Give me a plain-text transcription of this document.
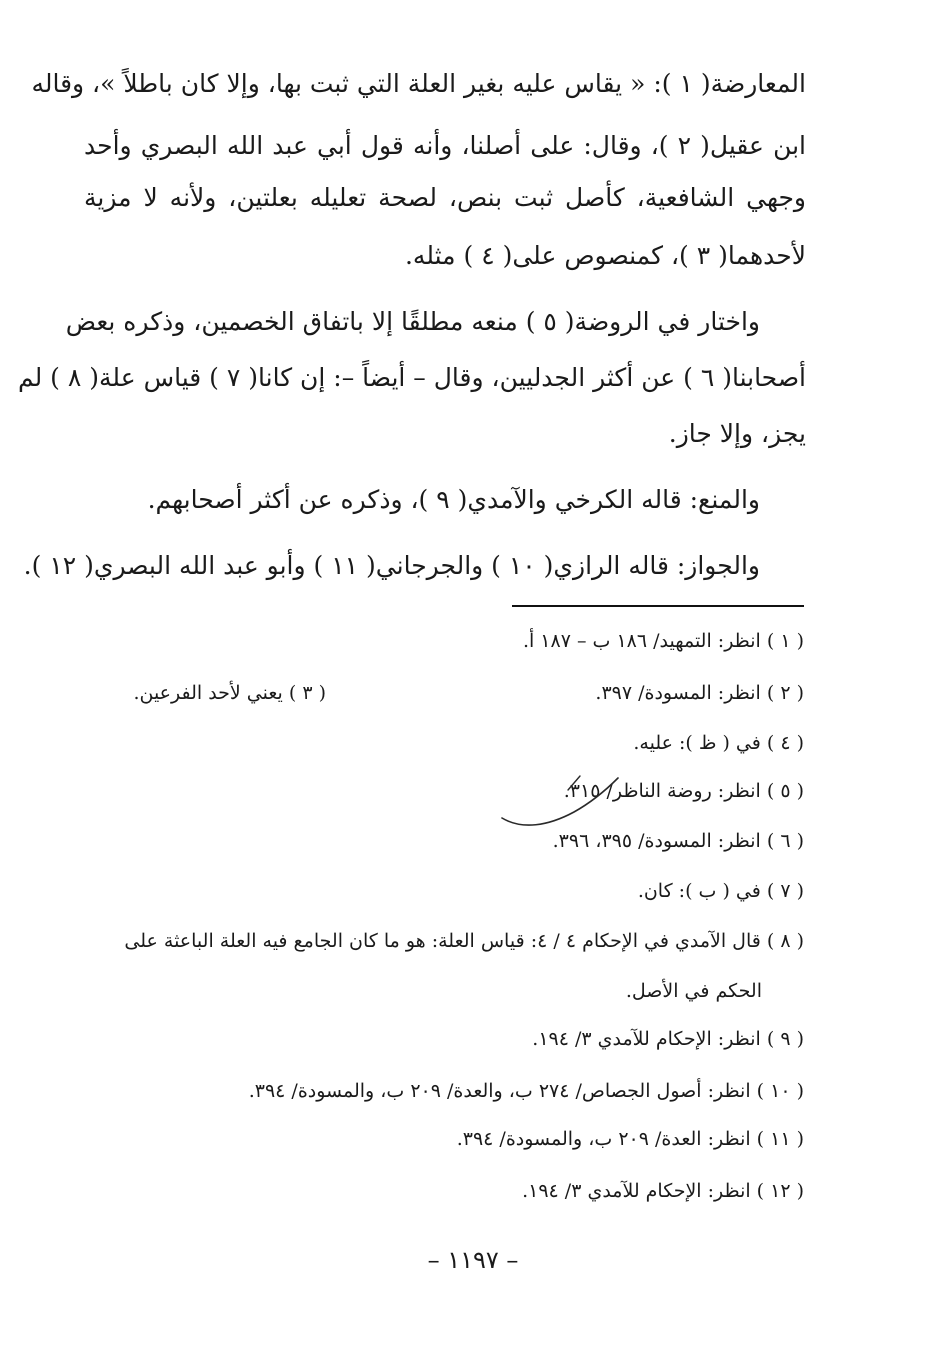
المعارضة( ١ ): « يقاس عليه بغير العلة التي ثبت بها، وإلا كان باطلاً »، وقاله

ابن عقيل( ٢ )، وقال: على أصلنا، وأنه قول أبي عبد الله البصري وأحد

وجهي الشافعية، كأصل ثبت بنص، لصحة تعليله بعلتين، ولأنه لا مزية

لأحدهما( ٣ )، كمنصوص على( ٤ ) مثله.

واختار في الروضة( ٥ ) منعه مطلقًا إلا باتفاق الخصمين، وذكره بعض

أصحابنا( ٦ ) عن أكثر الجدليين، وقال – أيضاً –: إن كانا( ٧ ) قياس علة( ٨ ) لم

يجز، وإلا جاز.

والمنع: قاله الكرخي والآمدي( ٩ )، وذكره عن أكثر أصحابهم.

والجواز: قاله الرازي( ١٠ ) والجرجاني( ١١ ) وأبو عبد الله البصري( ١٢ ).

( ١ ) انظر: التمهيد/ ١٨٦ ب – ١٨٧ أ.

( ٢ ) انظر: المسودة/ ٣٩٧.

( ٣ ) يعني لأحد الفرعين.

( ٤ ) في ( ظ ): عليه.

( ٥ ) انظر: روضة الناظر/ ٣١٥.

( ٦ ) انظر: المسودة/ ٣٩٥، ٣٩٦.

( ٧ ) في ( ب ): كان.

( ٨ ) قال الآمدي في الإحكام ٤ / ٤: قياس العلة: هو ما كان الجامع فيه العلة الباعثة على

الحكم في الأصل.

( ٩ ) انظر: الإحكام للآمدي ٣/ ١٩٤.

( ١٠ ) انظر: أصول الجصاص/ ٢٧٤ ب، والعدة/ ٢٠٩ ب، والمسودة/ ٣٩٤.

( ١١ ) انظر: العدة/ ٢٠٩ ب، والمسودة/ ٣٩٤.

( ١٢ ) انظر: الإحكام للآمدي ٣/ ١٩٤.

– ١١٩٧ –
